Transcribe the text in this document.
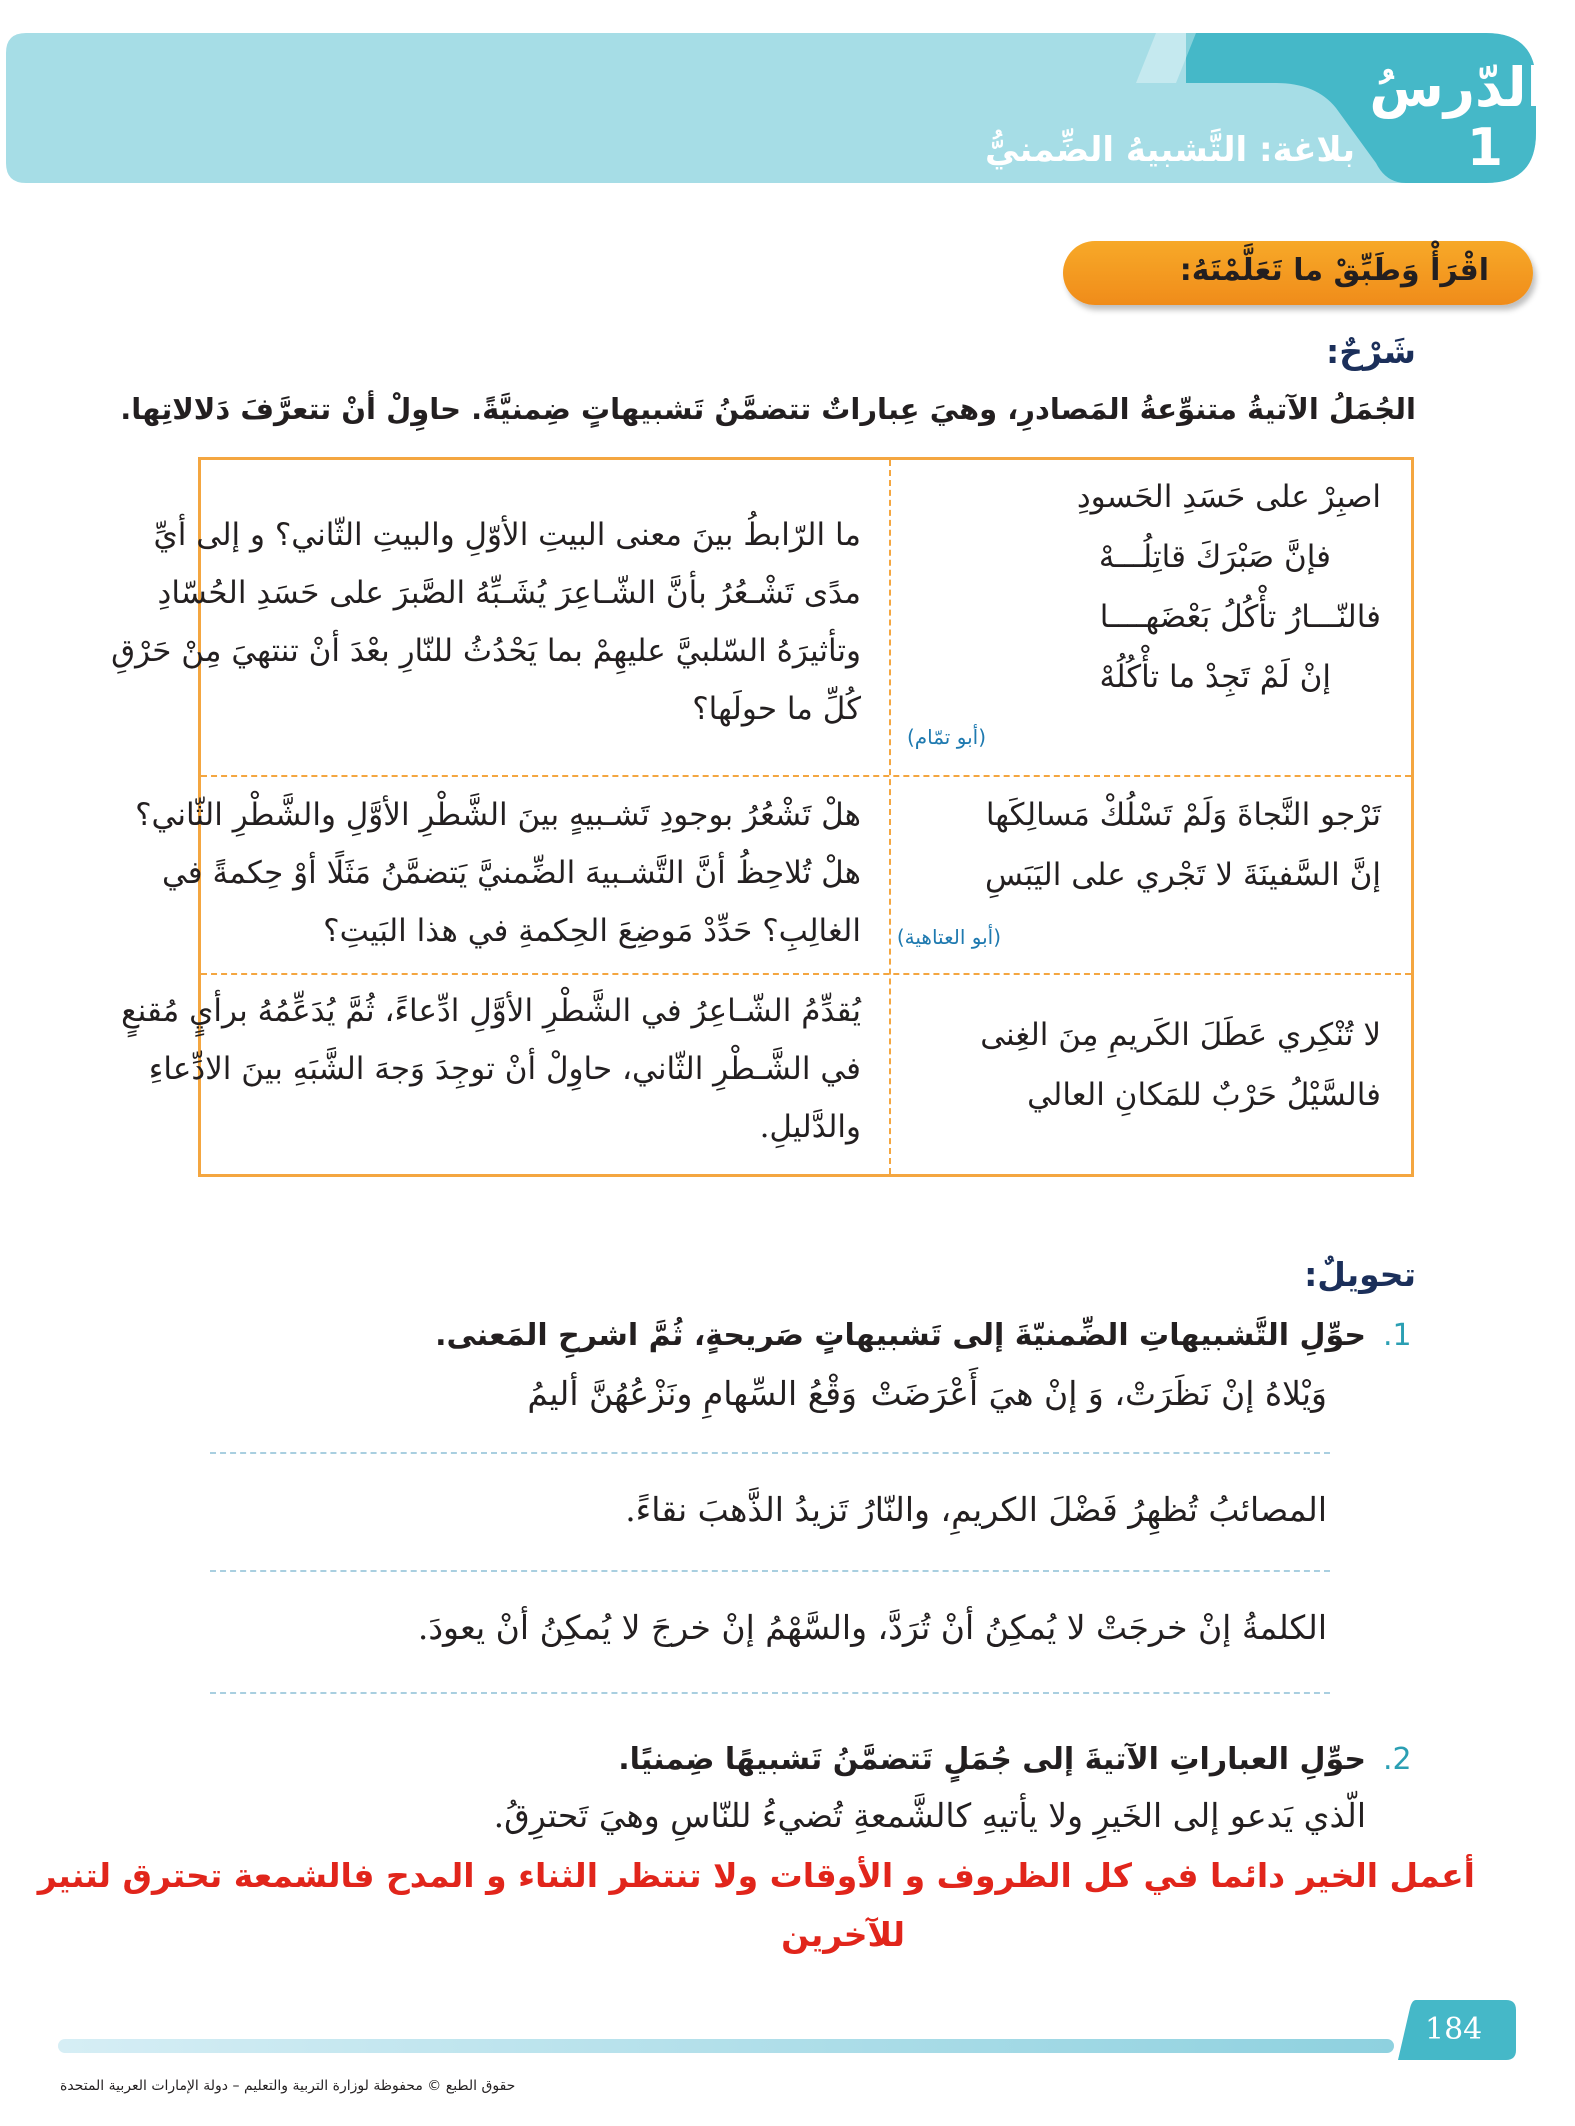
الدّرسُ
1
بلاغة: التَّشبيهُ الضِّمنيُّ
اقْرَأْ وَطَبِّقْ ما تَعَلَّمْتَهُ:
شَرْحٌ:
الجُمَلُ الآتيةُ متنوِّعةُ المَصادرِ، وهيَ عِباراتٌ تتضمَّنُ تَشبيهاتٍ ضِمنيَّةً. حاوِلْ أنْ تتعرَّفَ دَلالاتِها.
اصبِرْ على حَسَدِ الحَسودِ
فإنَّ صَبْرَكَ قاتِلُـــهْ
فالنّـــارُ تأْكُلُ بَعْضَهــــا
إنْ لَمْ تَجِدْ ما تأْكُلُهْ
(أبو تمّام)
ما الرّابطُ بينَ معنى البيتِ الأوّلِ والبيتِ الثّاني؟ و إلى أيِّ
مدًى تَشْـعُرُ بأنَّ الشّـاعِرَ يُشَـبِّهُ الصَّبرَ على حَسَدِ الحُسّادِ
وتأثيرَهُ السّلبيَّ عليهِمْ بما يَحْدُثُ للنّارِ بعْدَ أنْ تنتهيَ مِنْ حَرْقِ
كُلِّ ما حولَها؟
تَرْجو النَّجاةَ وَلَمْ تَسْلُكْ مَسالِكَها
إنَّ السَّفينَةَ لا تَجْري على اليَبَسِ
(أبو العتاهية)
هلْ تَشْعُرُ بوجودِ تَشـبيهٍ بينَ الشَّطْرِ الأوَّلِ والشَّطْرِ الثّاني؟
هلْ تُلاحِظُ أنَّ التَّشـبيهَ الضِّمنيَّ يَتضمَّنُ مَثَلًا أوْ حِكمةً في
الغالِبِ؟ حَدِّدْ مَوضِعَ الحِكمةِ في هذا البَيتِ؟
لا تُنْكِري عَطَلَ الكَريمِ مِنَ الغِنى
فالسَّيْلُ حَرْبٌ للمَكانِ العالي
يُقدِّمُ الشّـاعِرُ في الشَّطْرِ الأوَّلِ ادِّعاءً، ثُمَّ يُدَعِّمُهُ برأيٍ مُقنعٍ
في الشَّـطْرِ الثّاني، حاوِلْ أنْ توجِدَ وَجهَ الشَّبَهِ بينَ الادِّعاءِ
والدَّليلِ.
تحويلٌ:
1.
حوِّلِ التَّشبيهاتِ الضِّمنيّةَ إلى تَشبيهاتٍ صَريحةٍ، ثُمَّ اشرحِ المَعنى.
وَيْلاهُ إنْ نَظَرَتْ، وَ إنْ هيَ أَعْرَضَتْ
وَقْعُ السِّهامِ ونَزْعُهُنَّ أليمُ
المصائبُ تُظهِرُ فَضْلَ الكريمِ، والنّارُ تَزيدُ الذَّهبَ نقاءً.
الكلمةُ إنْ خرجَتْ لا يُمكِنُ أنْ تُرَدَّ، والسَّهْمُ إنْ خرجَ لا يُمكِنُ أنْ يعودَ.
2.
حوِّلِ العباراتِ الآتيةَ إلى جُمَلٍ تَتضمَّنُ تَشبيهًا ضِمنيًا.
الّذي يَدعو إلى الخَيرِ ولا يأتيهِ كالشَّمعةِ تُضيءُ للنّاسِ وهيَ تَحترِقُ.
أعمل الخير دائما في كل الظروف و الأوقات ولا تنتظر الثناء و المدح فالشمعة تحترق لتنير
للآخرين
184
حقوق الطبع © محفوظة لوزارة التربية والتعليم – دولة الإمارات العربية المتحدة
